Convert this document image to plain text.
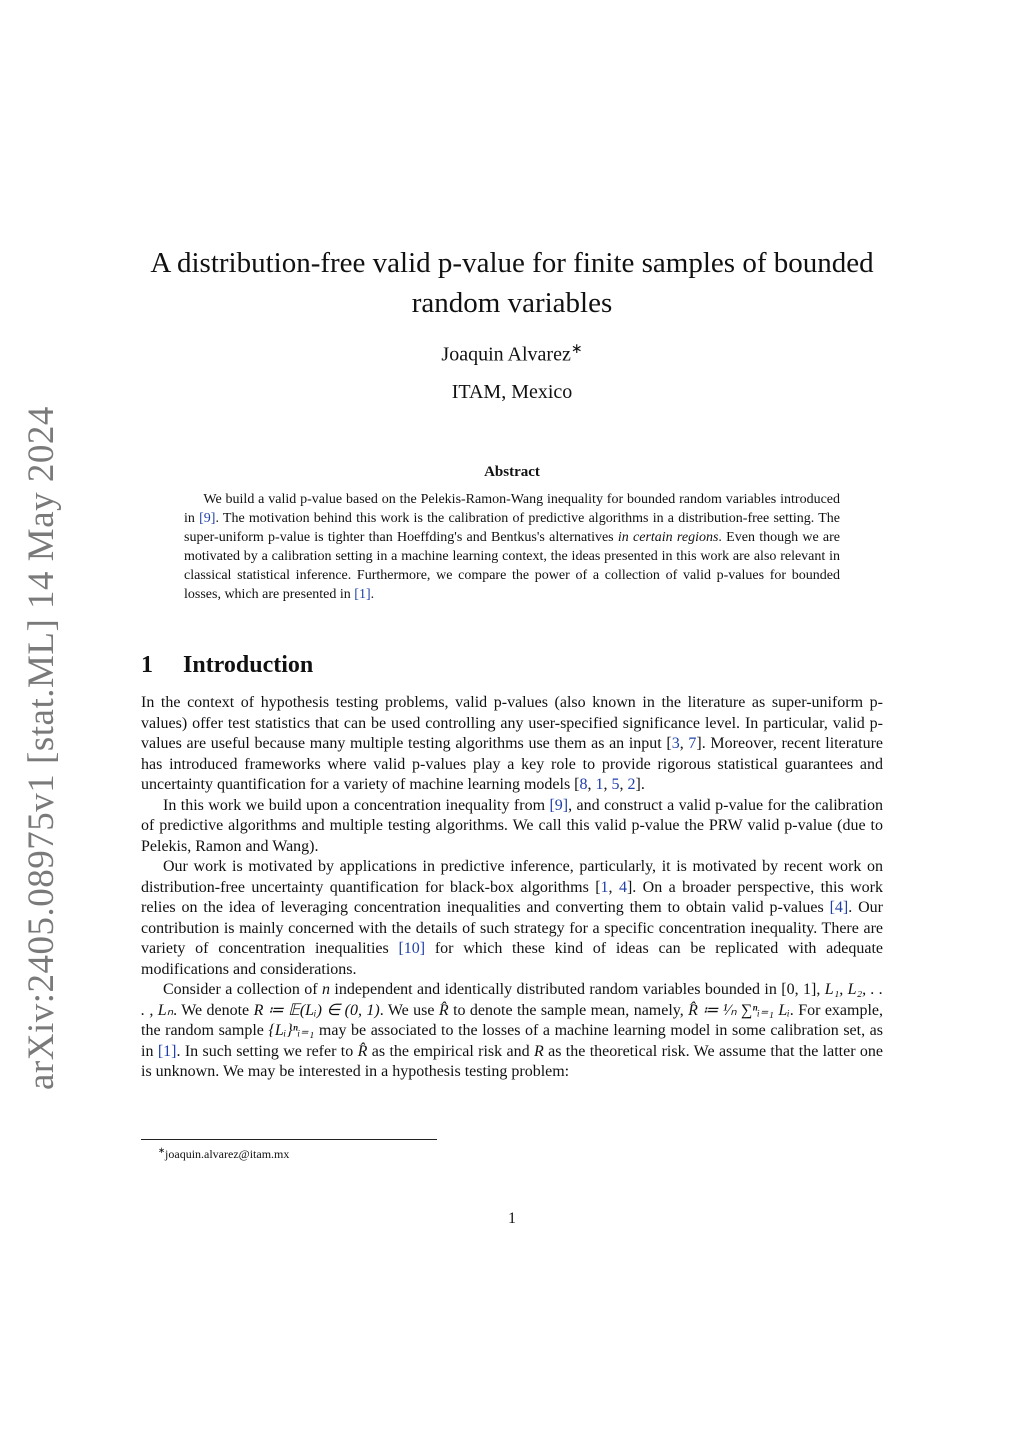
arXiv:2405.08975v1 [stat.ML] 14 May 2024
A distribution-free valid p-value for finite samples of bounded random variables
Joaquin Alvarez∗
ITAM, Mexico
Abstract

We build a valid p-value based on the Pelekis-Ramon-Wang inequality for bounded random variables introduced in [9]. The motivation behind this work is the calibration of predictive algorithms in a distribution-free setting. The super-uniform p-value is tighter than Hoeffding's and Bentkus's alternatives in certain regions. Even though we are motivated by a calibration setting in a machine learning context, the ideas presented in this work are also relevant in classical statistical inference. Furthermore, we compare the power of a collection of valid p-values for bounded losses, which are presented in [1].

1 Introduction

In the context of hypothesis testing problems, valid p-values (also known in the literature as super-uniform p-values) offer test statistics that can be used controlling any user-specified significance level. In particular, valid p-values are useful because many multiple testing algorithms use them as an input [3, 7]. Moreover, recent literature has introduced frameworks where valid p-values play a key role to provide rigorous statistical guarantees and uncertainty quantification for a variety of machine learning models [8, 1, 5, 2].

In this work we build upon a concentration inequality from [9], and construct a valid p-value for the calibration of predictive algorithms and multiple testing algorithms. We call this valid p-value the PRW valid p-value (due to Pelekis, Ramon and Wang).

Our work is motivated by applications in predictive inference, particularly, it is motivated by recent work on distribution-free uncertainty quantification for black-box algorithms [1, 4]. On a broader perspective, this work relies on the idea of leveraging concentration inequalities and converting them to obtain valid p-values [4]. Our contribution is mainly concerned with the details of such strategy for a specific concentration inequality. There are variety of concentration inequalities [10] for which these kind of ideas can be replicated with adequate modifications and considerations.

Consider a collection of n independent and identically distributed random variables bounded in [0, 1], L₁, L₂, . . . , Lₙ. We denote R ≔ 𝔼(Lᵢ) ∈ (0, 1). We use R̂ to denote the sample mean, namely, R̂ ≔ ¹⁄ₙ ∑ⁿᵢ₌₁ Lᵢ. For example, the random sample {Lᵢ}ⁿᵢ₌₁ may be associated to the losses of a machine learning model in some calibration set, as in [1]. In such setting we refer to R̂ as the empirical risk and R as the theoretical risk. We assume that the latter one is unknown. We may be interested in a hypothesis testing problem:

∗joaquin.alvarez@itam.mx
1
